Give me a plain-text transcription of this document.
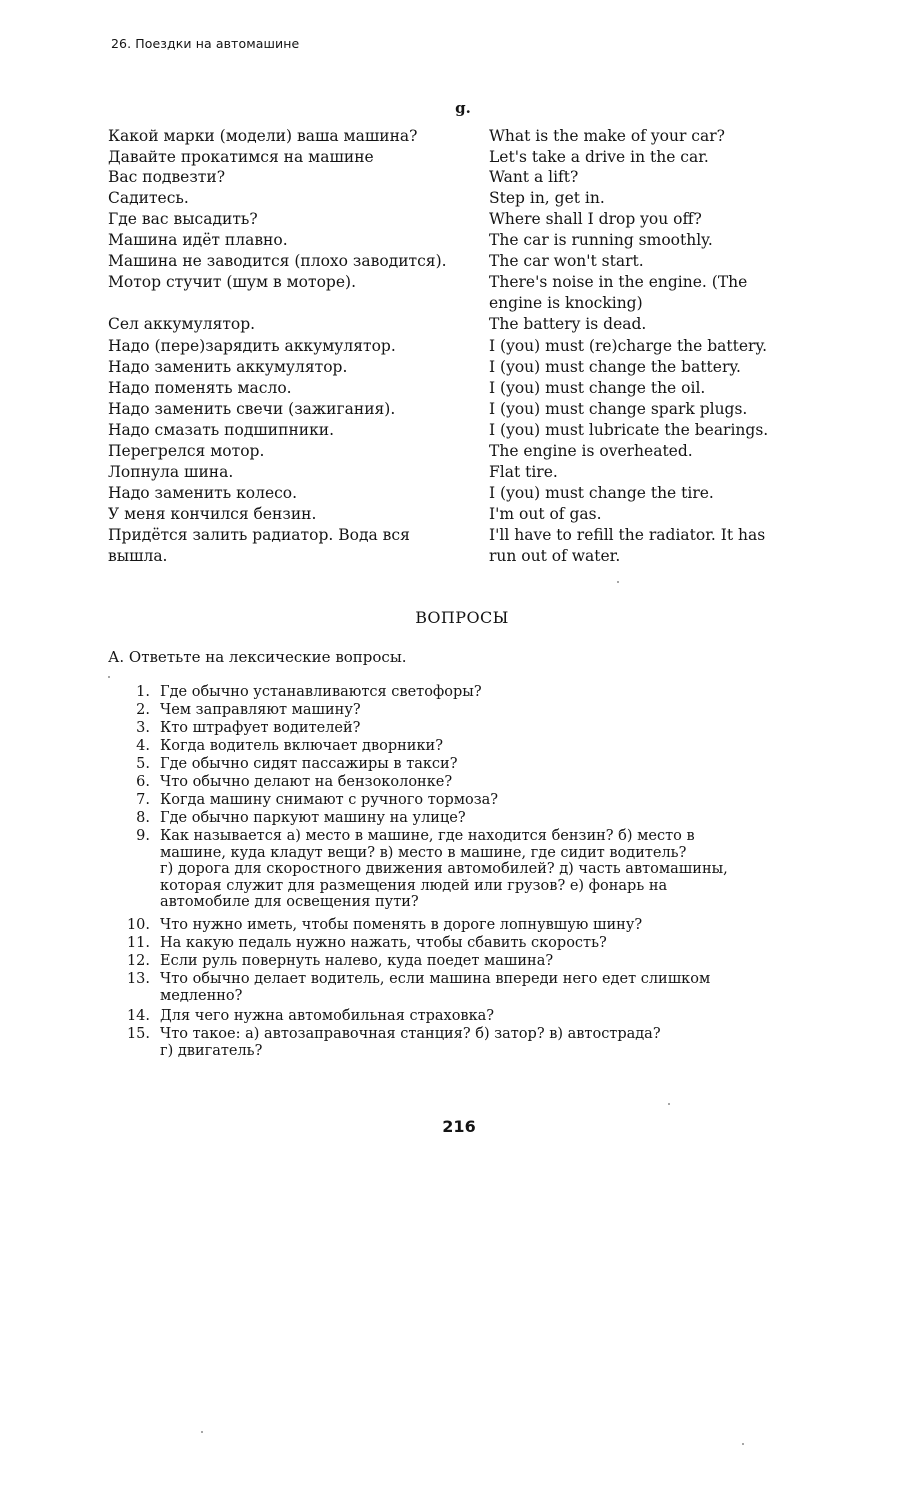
26. Поездки на автомашине
g.
Какой марки (модели) ваша машина?	What is the make of your car?
Давайте прокатимся на машине	Let's take a drive in the car.
Вас подвезти?	Want a lift?
Садитесь.	Step in, get in.
Где вас высадить?	Where shall I drop you off?
Машина идёт плавно.	The car is running smoothly.
Машина не заводится (плохо заводится).	The car won't start.
Мотор стучит (шум в моторе).	There's noise in the engine. (The
engine is knocking)
Сел аккумулятор.	The battery is dead.
Надо (пере)зарядить аккумулятор.	I (you) must (re)charge the battery.
Надо заменить аккумулятор.	I (you) must change the battery.
Надо поменять масло.	I (you) must change the oil.
Надо заменить свечи (зажигания).	I (you) must change spark plugs.
Надо смазать подшипники.	I (you) must lubricate the bearings.
Перегрелся мотор.	The engine is overheated.
Лопнула шина.	Flat tire.
Надо заменить колесо.	I (you) must change the tire.
У меня кончился бензин.	I'm out of gas.
Придётся залить радиатор. Вода вся
вышла.
I'll have to refill the radiator. It has
run out of water.
ВОПРОСЫ
А. Ответьте на лексические вопросы.
1. Где обычно устанавливаются светофоры?
2. Чем заправляют машину?
3. Кто штрафует водителей?
4. Когда водитель включает дворники?
5. Где обычно сидят пассажиры в такси?
6. Что обычно делают на бензоколонке?
7. Когда машину снимают с ручного тормоза?
8. Где обычно паркуют машину на улице?
9. Как называется а) место в машине, где находится бензин? б) место в
машине, куда кладут вещи? в) место в машине, где сидит водитель?
г) дорога для скоростного движения автомобилей? д) часть автомашины,
которая служит для размещения людей или грузов? е) фонарь на
автомобиле для освещения пути?
10. Что нужно иметь, чтобы поменять в дороге лопнувшую шину?
11. На какую педаль нужно нажать, чтобы сбавить скорость?
12. Если руль повернуть налево, куда поедет машина?
13. Что обычно делает водитель, если машина впереди него едет слишком
медленно?
14. Для чего нужна автомобильная страховка?
15. Что такое: а) автозаправочная станция? б) затор? в) автострада?
г) двигатель?
216
